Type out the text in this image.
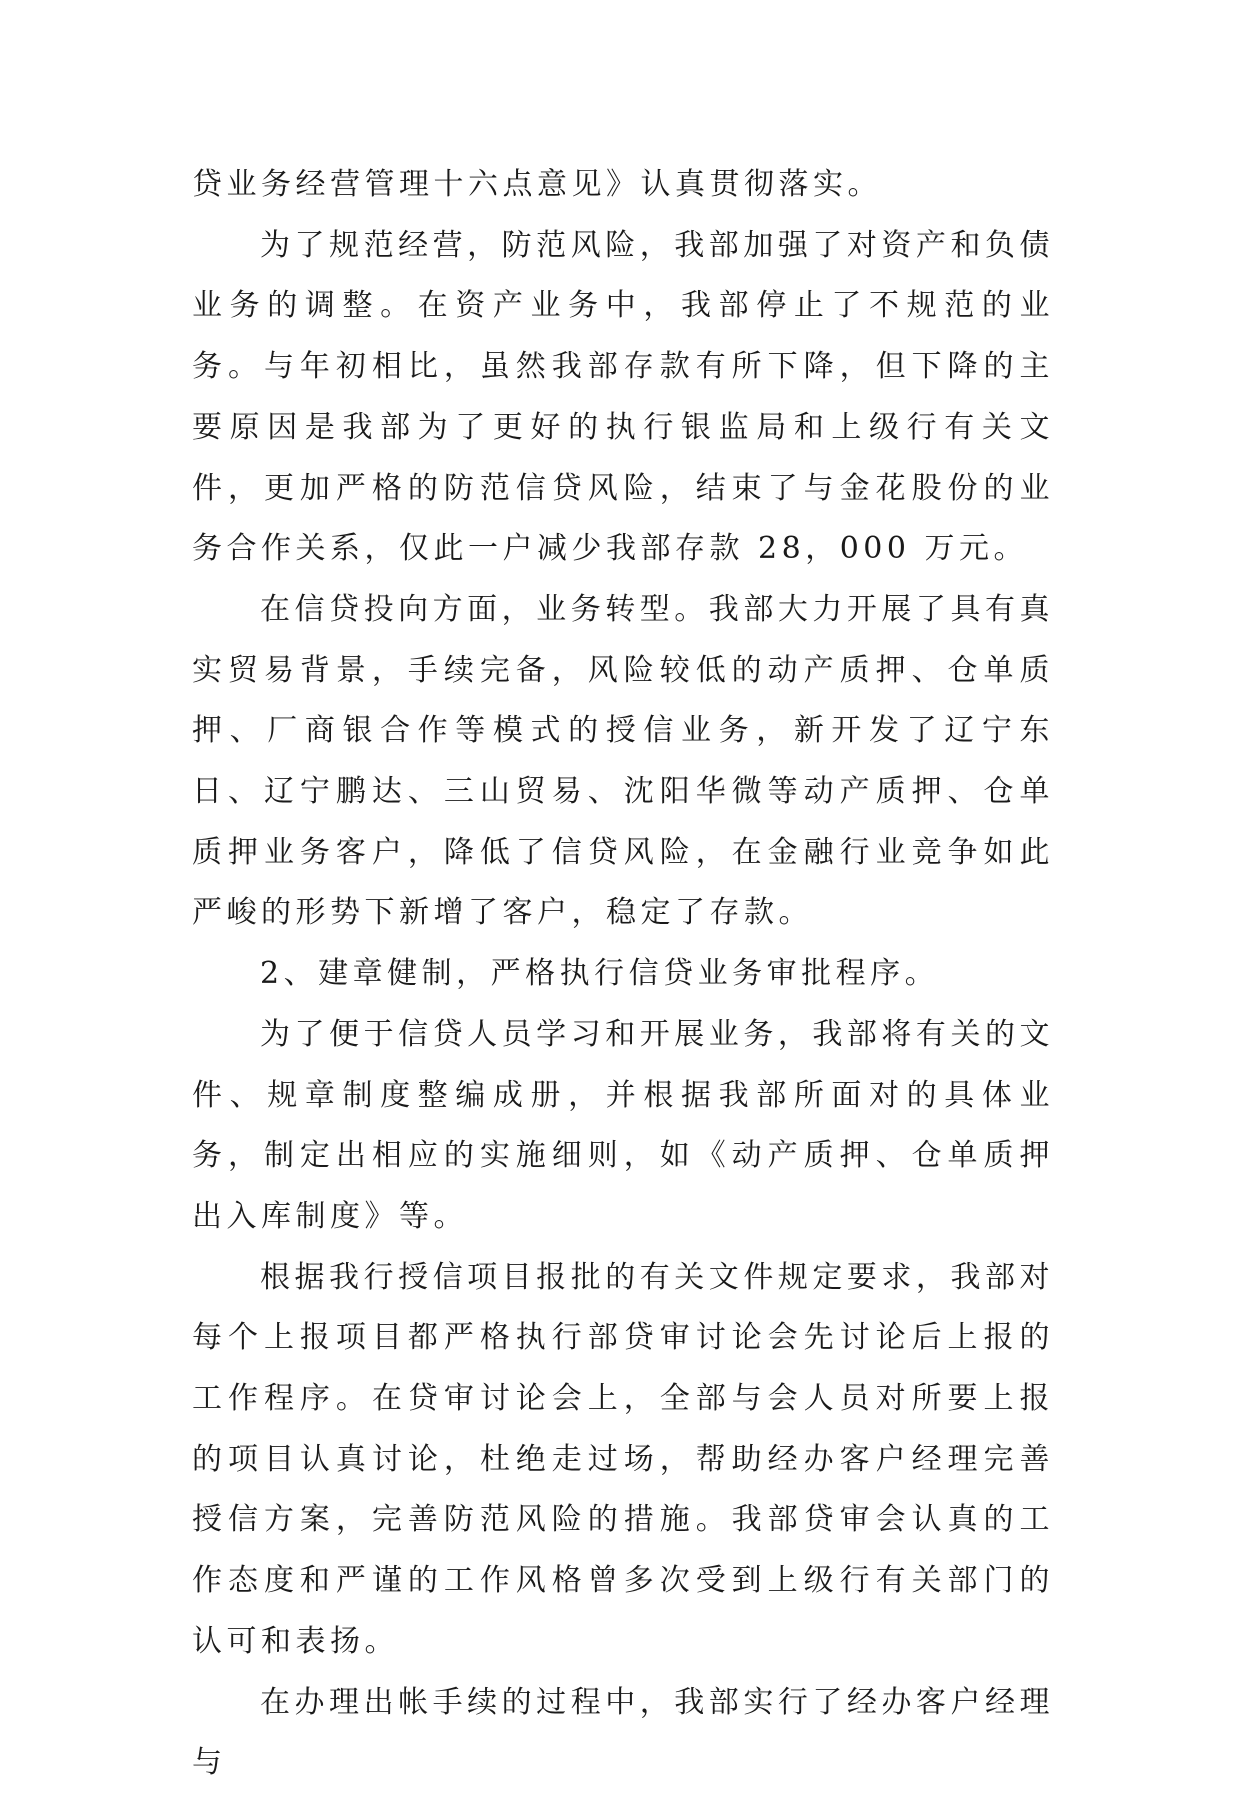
贷业务经营管理十六点意见》认真贯彻落实。

为了规范经营，防范风险，我部加强了对资产和负债业务的调整。在资产业务中，我部停止了不规范的业务。与年初相比，虽然我部存款有所下降，但下降的主要原因是我部为了更好的执行银监局和上级行有关文件，更加严格的防范信贷风险，结束了与金花股份的业务合作关系，仅此一户减少我部存款 28，000 万元。

在信贷投向方面，业务转型。我部大力开展了具有真实贸易背景，手续完备，风险较低的动产质押、仓单质押、厂商银合作等模式的授信业务，新开发了辽宁东日、辽宁鹏达、三山贸易、沈阳华微等动产质押、仓单质押业务客户，降低了信贷风险，在金融行业竞争如此严峻的形势下新增了客户，稳定了存款。

2、建章健制，严格执行信贷业务审批程序。

为了便于信贷人员学习和开展业务，我部将有关的文件、规章制度整编成册，并根据我部所面对的具体业务，制定出相应的实施细则，如《动产质押、仓单质押出入库制度》等。

根据我行授信项目报批的有关文件规定要求，我部对每个上报项目都严格执行部贷审讨论会先讨论后上报的工作程序。在贷审讨论会上，全部与会人员对所要上报的项目认真讨论，杜绝走过场，帮助经办客户经理完善授信方案，完善防范风险的措施。我部贷审会认真的工作态度和严谨的工作风格曾多次受到上级行有关部门的认可和表扬。

在办理出帐手续的过程中，我部实行了经办客户经理与
